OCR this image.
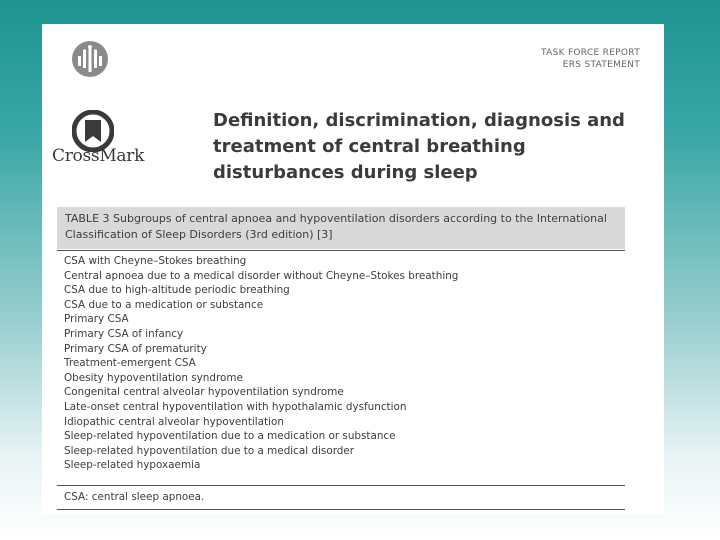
CrossMark
TASK FORCE REPORT
ERS STATEMENT
Definition, discrimination, diagnosis and treatment of central breathing disturbances during sleep
TABLE 3 Subgroups of central apnoea and hypoventilation disorders according to the International Classification of Sleep Disorders (3rd edition) [3]
CSA with Cheyne–Stokes breathing
Central apnoea due to a medical disorder without Cheyne–Stokes breathing
CSA due to high-altitude periodic breathing
CSA due to a medication or substance
Primary CSA
Primary CSA of infancy
Primary CSA of prematurity
Treatment-emergent CSA
Obesity hypoventilation syndrome
Congenital central alveolar hypoventilation syndrome
Late-onset central hypoventilation with hypothalamic dysfunction
Idiopathic central alveolar hypoventilation
Sleep-related hypoventilation due to a medication or substance
Sleep-related hypoventilation due to a medical disorder
Sleep-related hypoxaemia
CSA: central sleep apnoea.
